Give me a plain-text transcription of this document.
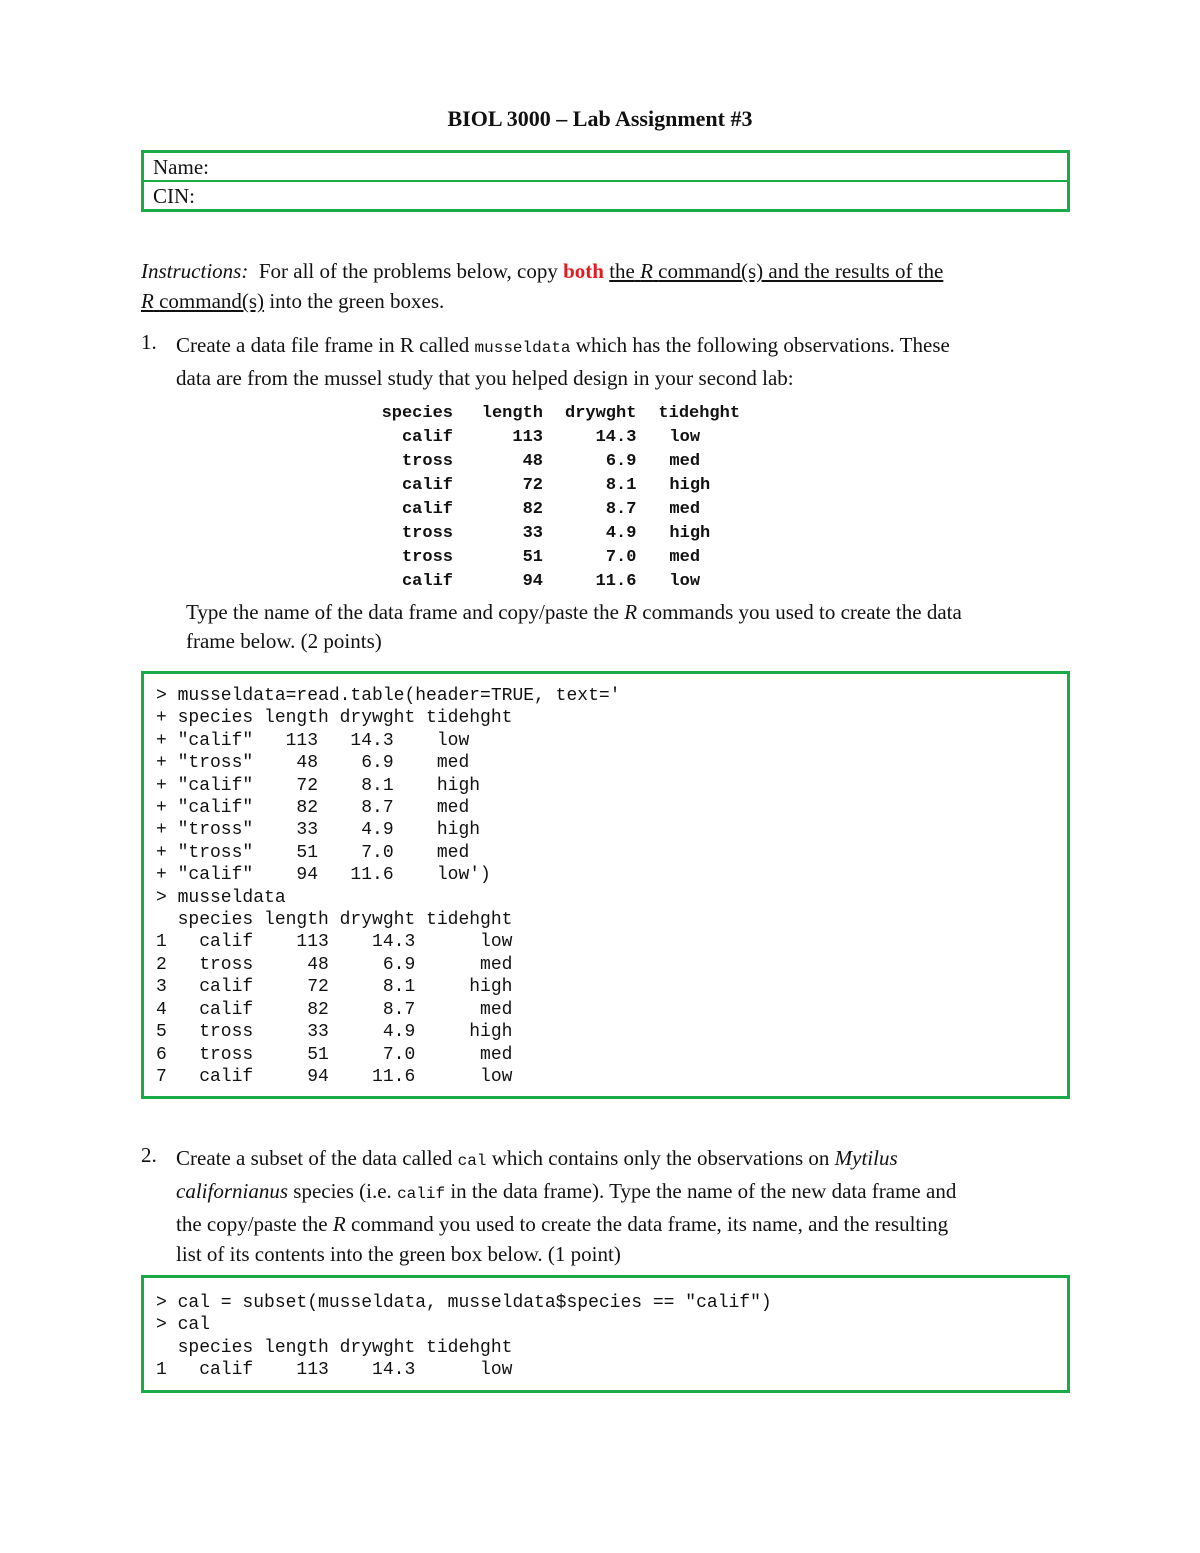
BIOL 3000 – Lab Assignment #3
Name:
CIN:
Instructions: For all of the problems below, copy both the R command(s) and the results of the
R command(s) into the green boxes.
1. Create a data file frame in R called musseldata which has the following observations. These
data are from the mussel study that you helped design in your second lab:
species	length	drywght	tidehght
calif	113	14.3	low
tross	48	6.9	med
calif	72	8.1	high
calif	82	8.7	med
tross	33	4.9	high
tross	51	7.0	med
calif	94	11.6	low
Type the name of the data frame and copy/paste the R commands you used to create the data
frame below. (2 points)
> musseldata=read.table(header=TRUE, text='
+ species length drywght tidehght
+ "calif"   113   14.3    low
+ "tross"    48    6.9    med
+ "calif"    72    8.1    high
+ "calif"    82    8.7    med
+ "tross"    33    4.9    high
+ "tross"    51    7.0    med
+ "calif"    94   11.6    low')
> musseldata
species length drywght tidehght
1   calif    113    14.3      low
2   tross     48     6.9      med
3   calif     72     8.1     high
4   calif     82     8.7      med
5   tross     33     4.9     high
6   tross     51     7.0      med
7   calif     94    11.6      low
2. Create a subset of the data called cal which contains only the observations on Mytilus
californianus species (i.e. calif in the data frame). Type the name of the new data frame and
the copy/paste the R command you used to create the data frame, its name, and the resulting
list of its contents into the green box below. (1 point)
> cal = subset(musseldata, musseldata$species == "calif")
> cal
species length drywght tidehght
1   calif    113    14.3      low
